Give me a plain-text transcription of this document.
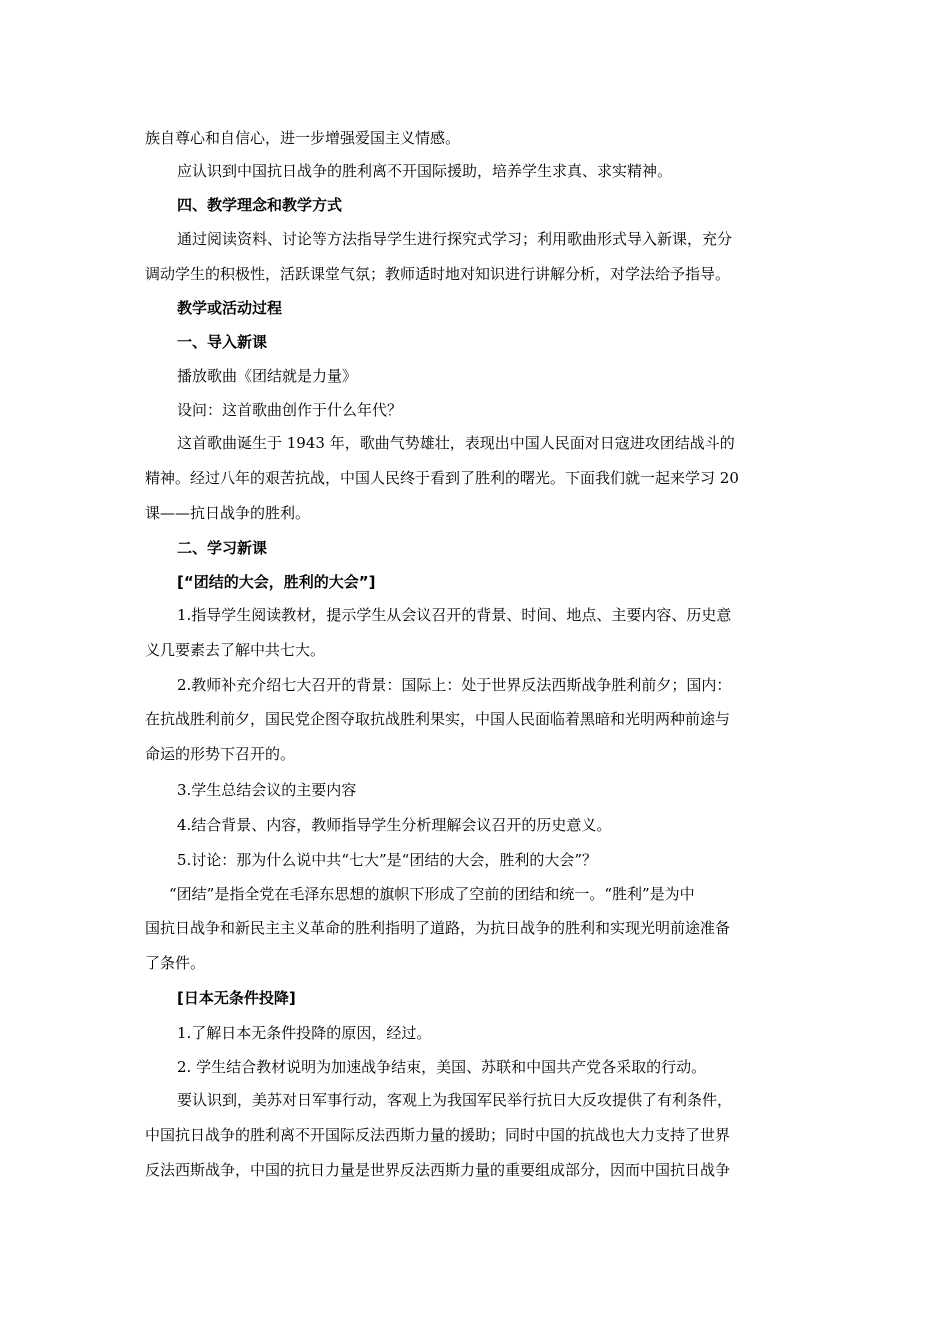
族自尊心和自信心，进一步增强爱国主义情感。
应认识到中国抗日战争的胜利离不开国际援助，培养学生求真、求实精神。
四、教学理念和教学方式
通过阅读资料、讨论等方法指导学生进行探究式学习；利用歌曲形式导入新课，充分
调动学生的积极性，活跃课堂气氛；教师适时地对知识进行讲解分析，对学法给予指导。
教学或活动过程
一、导入新课
播放歌曲《团结就是力量》
设问：这首歌曲创作于什么年代？
这首歌曲诞生于 1943 年，歌曲气势雄壮，表现出中国人民面对日寇进攻团结战斗的
精神。经过八年的艰苦抗战，中国人民终于看到了胜利的曙光。下面我们就一起来学习 20
课——抗日战争的胜利。
二、学习新课
[“团结的大会，胜利的大会”]
1.指导学生阅读教材，提示学生从会议召开的背景、时间、地点、主要内容、历史意
义几要素去了解中共七大。
2.教师补充介绍七大召开的背景：国际上：处于世界反法西斯战争胜利前夕；国内：
在抗战胜利前夕，国民党企图夺取抗战胜利果实，中国人民面临着黑暗和光明两种前途与
命运的形势下召开的。
3.学生总结会议的主要内容
4.结合背景、内容，教师指导学生分析理解会议召开的历史意义。
5.讨论：那为什么说中共“七大”是“团结的大会，胜利的大会”？
“团结”是指全党在毛泽东思想的旗帜下形成了空前的团结和统一。“胜利”是为中
国抗日战争和新民主主义革命的胜利指明了道路，为抗日战争的胜利和实现光明前途准备
了条件。
[日本无条件投降]
1.了解日本无条件投降的原因，经过。
2. 学生结合教材说明为加速战争结束，美国、苏联和中国共产党各采取的行动。
要认识到，美苏对日军事行动，客观上为我国军民举行抗日大反攻提供了有利条件，
中国抗日战争的胜利离不开国际反法西斯力量的援助；同时中国的抗战也大力支持了世界
反法西斯战争，中国的抗日力量是世界反法西斯力量的重要组成部分，因而中国抗日战争
